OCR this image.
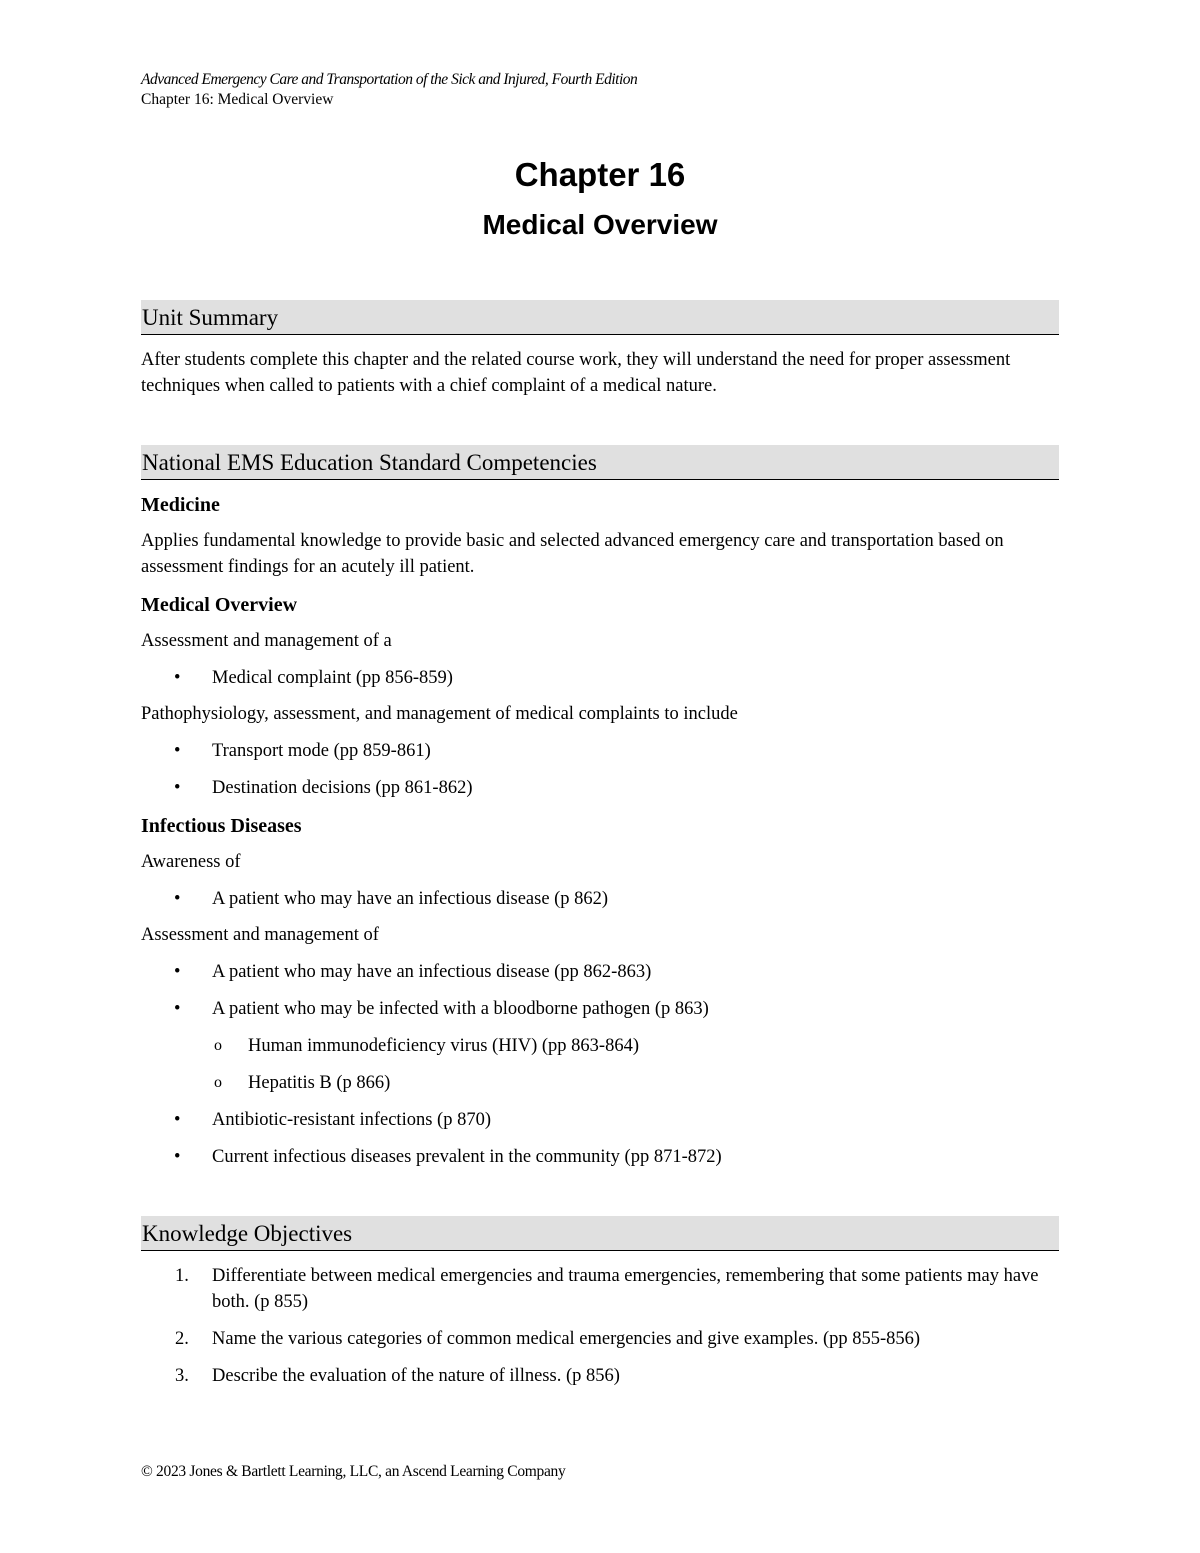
Advanced Emergency Care and Transportation of the Sick and Injured, Fourth Edition
Chapter 16: Medical Overview
Chapter 16
Medical Overview
Unit Summary

After students complete this chapter and the related course work, they will understand the need for proper assessment techniques when called to patients with a chief complaint of a medical nature.

National EMS Education Standard Competencies
Medicine

Applies fundamental knowledge to provide basic and selected advanced emergency care and transportation based on assessment findings for an acutely ill patient.

Medical Overview
Assessment and management of a
• Medical complaint (pp 856-859)
Pathophysiology, assessment, and management of medical complaints to include
• Transport mode (pp 859-861)
• Destination decisions (pp 861-862)
Infectious Diseases
Awareness of
• A patient who may have an infectious disease (p 862)
Assessment and management of
• A patient who may have an infectious disease (pp 862-863)
• A patient who may be infected with a bloodborne pathogen (p 863)
o Human immunodeficiency virus (HIV) (pp 863-864)
o Hepatitis B (p 866)
• Antibiotic-resistant infections (p 870)
• Current infectious diseases prevalent in the community (pp 871-872)
Knowledge Objectives
1. Differentiate between medical emergencies and trauma emergencies, remembering that some patients may have both. (p 855)
2. Name the various categories of common medical emergencies and give examples. (pp 855-856)
3. Describe the evaluation of the nature of illness. (p 856)
© 2023 Jones & Bartlett Learning, LLC, an Ascend Learning Company
